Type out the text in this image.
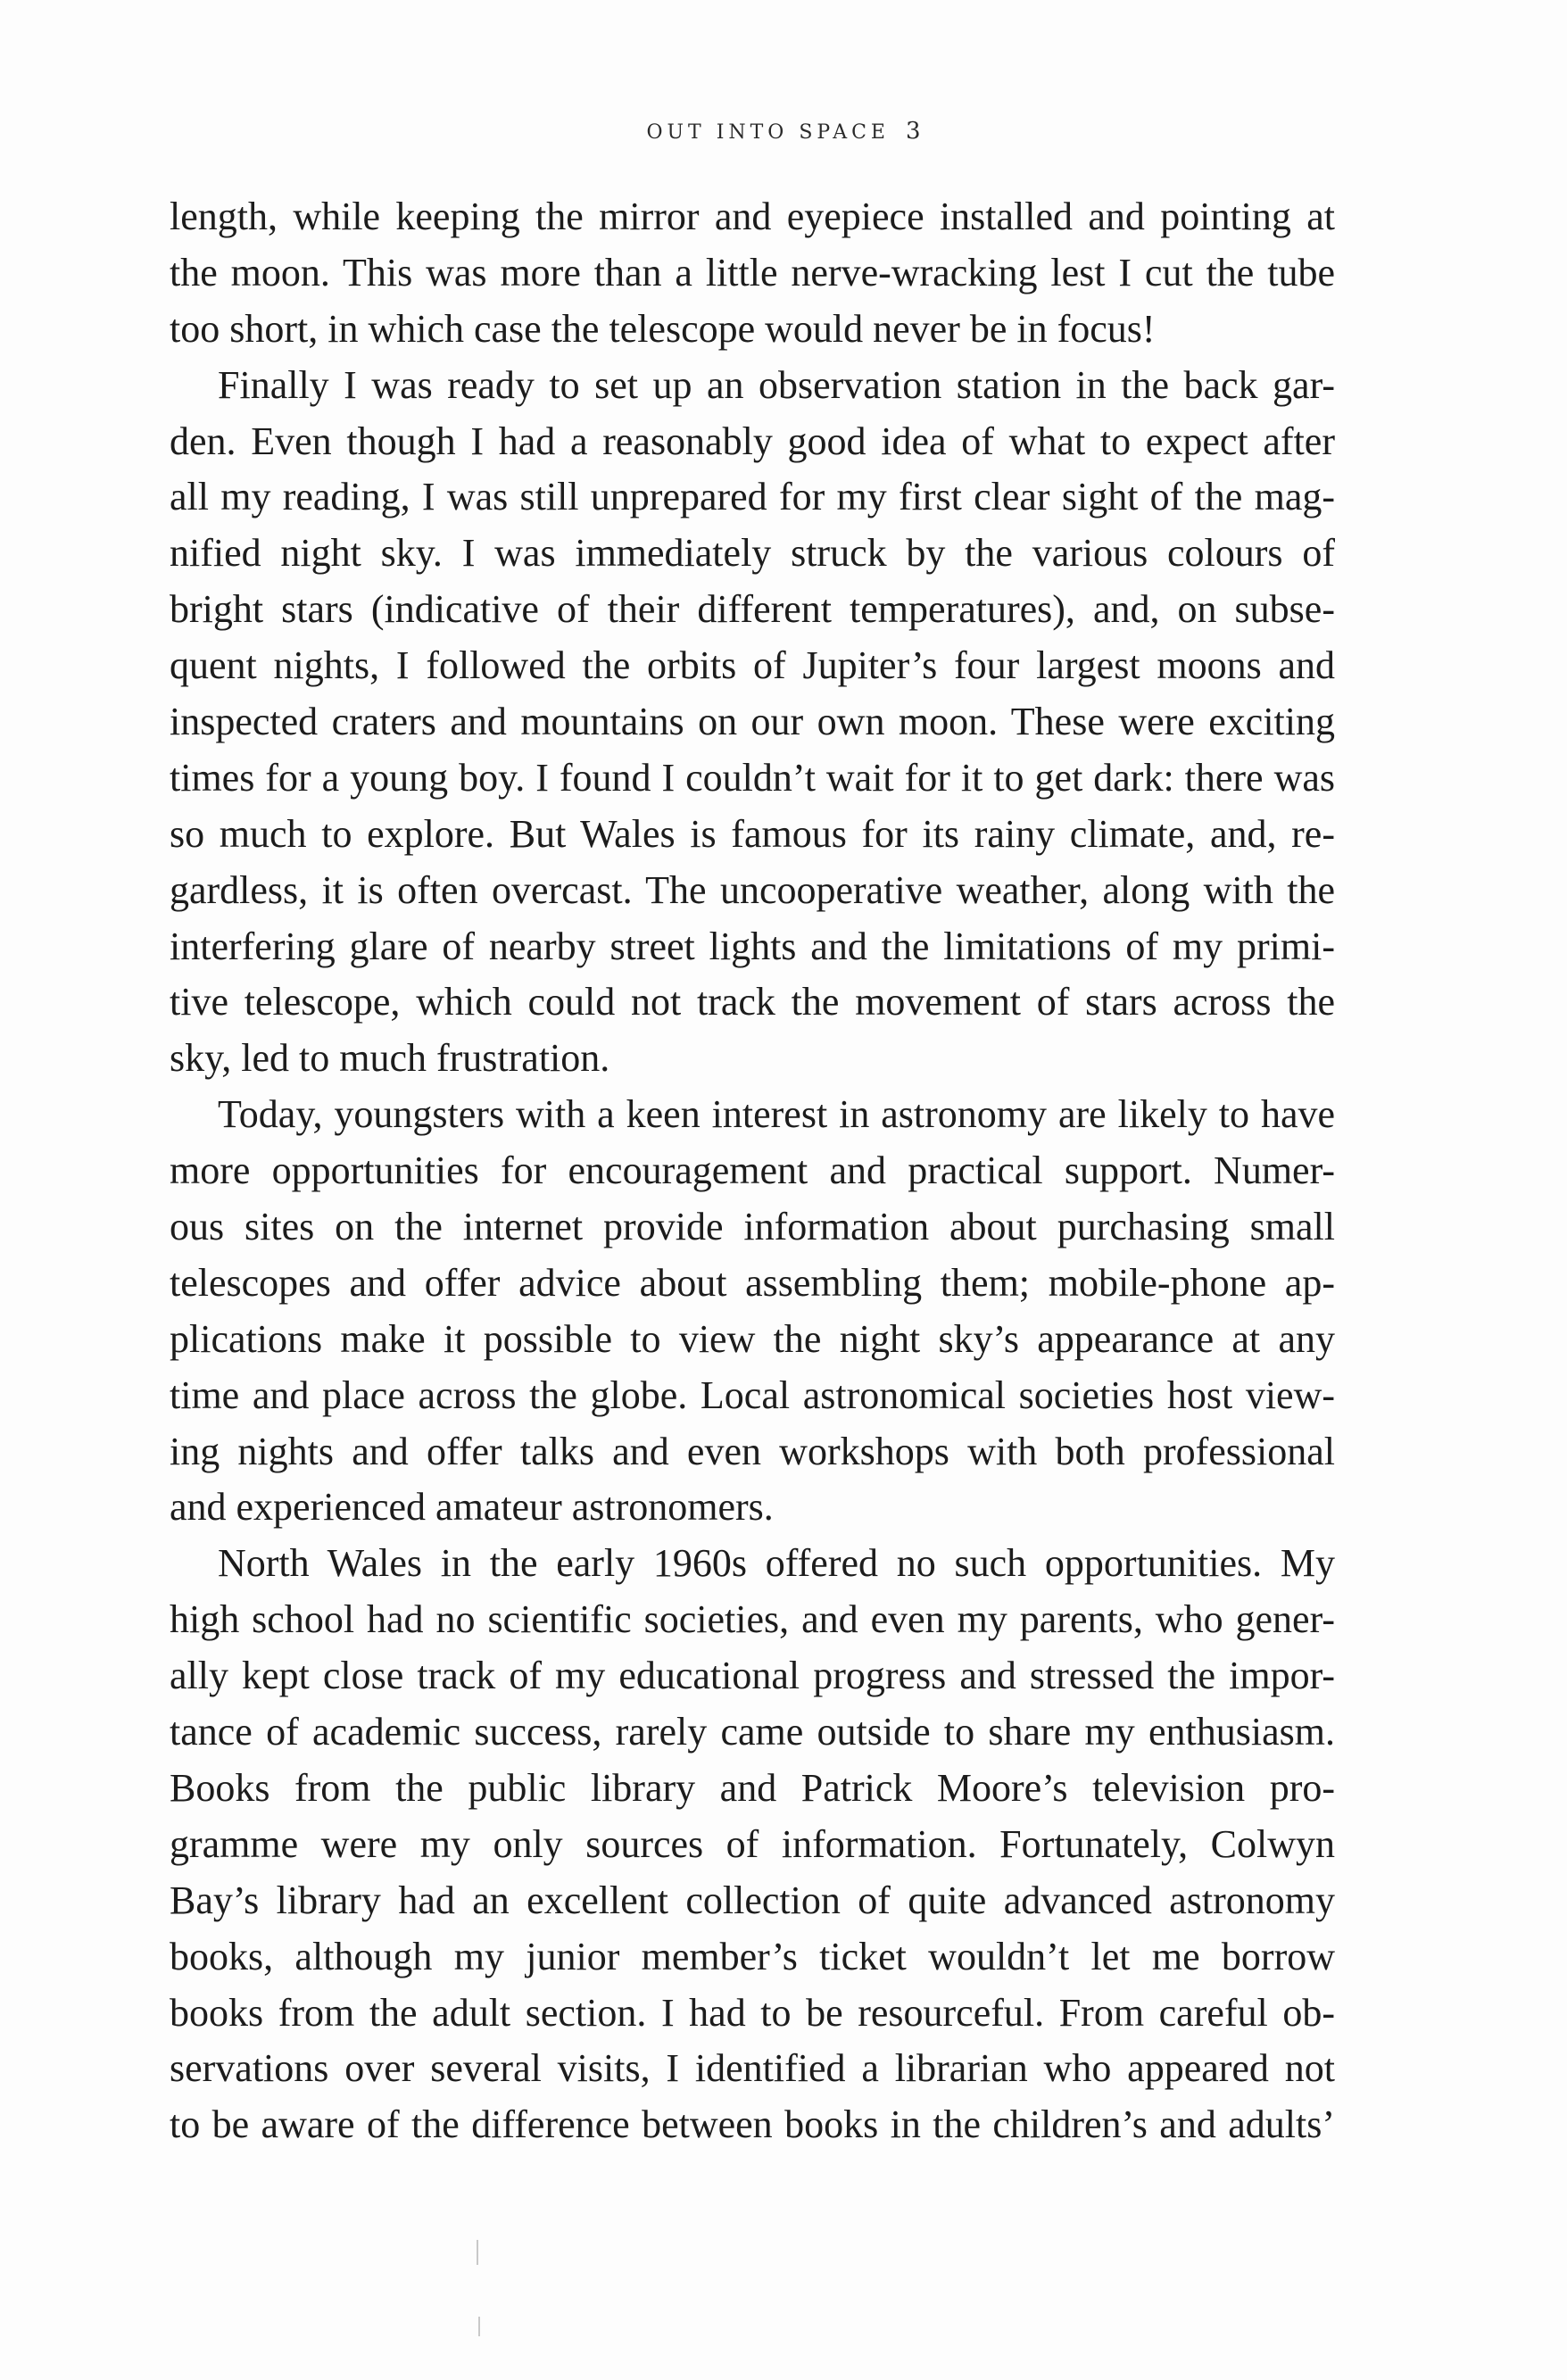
OUT INTO SPACE 3
length, while keeping the mirror and eyepiece installed and pointing at
the moon. This was more than a little nerve-wracking lest I cut the tube
too short, in which case the telescope would never be in focus!
Finally I was ready to set up an observation station in the back gar-
den. Even though I had a reasonably good idea of what to expect after
all my reading, I was still unprepared for my first clear sight of the mag-
nified night sky. I was immediately struck by the various colours of
bright stars (indicative of their different temperatures), and, on subse-
quent nights, I followed the orbits of Jupiter’s four largest moons and
inspected craters and mountains on our own moon. These were exciting
times for a young boy. I found I couldn’t wait for it to get dark: there was
so much to explore. But Wales is famous for its rainy climate, and, re-
gardless, it is often overcast. The uncooperative weather, along with the
interfering glare of nearby street lights and the limitations of my primi-
tive telescope, which could not track the movement of stars across the
sky, led to much frustration.
Today, youngsters with a keen interest in astronomy are likely to have
more opportunities for encouragement and practical support. Numer-
ous sites on the internet provide information about purchasing small
telescopes and offer advice about assembling them; mobile-phone ap-
plications make it possible to view the night sky’s appearance at any
time and place across the globe. Local astronomical societies host view-
ing nights and offer talks and even workshops with both professional
and experienced amateur astronomers.
North Wales in the early 1960s offered no such opportunities. My
high school had no scientific societies, and even my parents, who gener-
ally kept close track of my educational progress and stressed the impor-
tance of academic success, rarely came outside to share my enthusiasm.
Books from the public library and Patrick Moore’s television pro-
gramme were my only sources of information. Fortunately, Colwyn
Bay’s library had an excellent collection of quite advanced astronomy
books, although my junior member’s ticket wouldn’t let me borrow
books from the adult section. I had to be resourceful. From careful ob-
servations over several visits, I identified a librarian who appeared not
to be aware of the difference between books in the children’s and adults’
